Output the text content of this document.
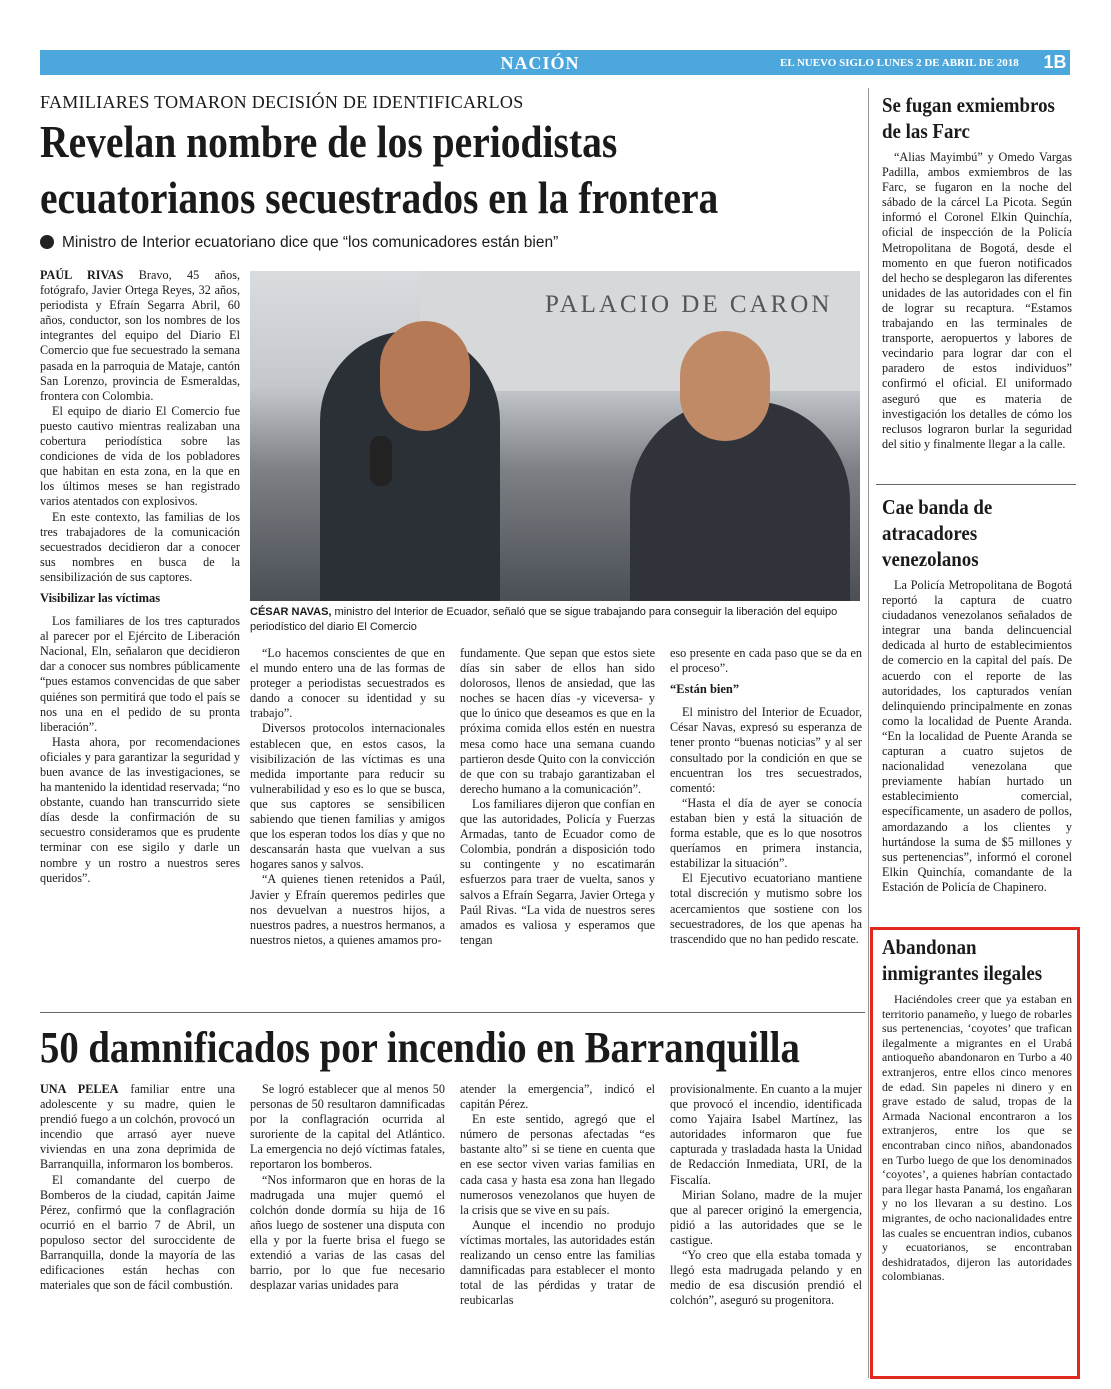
NACIÓN	EL NUEVO SIGLO LUNES 2 DE ABRIL DE 2018	1B
FAMILIARES TOMARON DECISIÓN DE IDENTIFICARLOS
Revelan nombre de los periodistas
ecuatorianos secuestrados en la frontera
Ministro de Interior ecuatoriano dice que “los comunicadores están bien”

PAÚL RIVAS Bravo, 45 años, fotógrafo, Javier Ortega Reyes, 32 años, periodista y Efraín Segarra Abril, 60 años, conductor, son los nombres de los integrantes del equipo del Diario El Comercio que fue secuestrado la semana pasada en la parroquia de Mataje, cantón San Lorenzo, provincia de Esmeraldas, frontera con Colombia.

El equipo de diario El Comercio fue puesto cautivo mientras realizaban una cobertura periodística sobre las condiciones de vida de los pobladores que habitan en esta zona, en la que en los últimos meses se han registrado varios atentados con explosivos.

En este contexto, las familias de los tres trabajadores de la comunicación secuestrados decidieron dar a conocer sus nombres en busca de la sensibilización de sus captores.

Visibilizar las víctimas

Los familiares de los tres capturados al parecer por el Ejército de Liberación Nacional, Eln, señalaron que decidieron dar a conocer sus nombres públicamente “pues estamos convencidas de que saber quiénes son permitirá que todo el país se nos una en el pedido de su pronta liberación”.

Hasta ahora, por recomendaciones oficiales y para garantizar la seguridad y buen avance de las investigaciones, se ha mantenido la identidad reservada; “no obstante, cuando han transcurrido siete días desde la confirmación de su secuestro consideramos que es prudente terminar con ese sigilo y darle un nombre y un rostro a nuestros seres queridos”.

PALACIO DE CARON
CÉSAR NAVAS, ministro del Interior de Ecuador, señaló que se sigue trabajando para conseguir la liberación del equipo periodístico del diario El Comercio

“Lo hacemos conscientes de que en el mundo entero una de las formas de proteger a periodistas secuestrados es dando a conocer su identidad y su trabajo”.

Diversos protocolos internacionales establecen que, en estos casos, la visibilización de las víctimas es una medida importante para reducir su vulnerabilidad y eso es lo que se busca, que sus captores se sensibilicen sabiendo que tienen familias y amigos que los esperan todos los días y que no descansarán hasta que vuelvan a sus hogares sanos y salvos.

“A quienes tienen retenidos a Paúl, Javier y Efraín queremos pedirles que nos devuelvan a nuestros hijos, a nuestros padres, a nuestros hermanos, a nuestros nietos, a quienes amamos pro-

fundamente. Que sepan que estos siete días sin saber de ellos han sido dolorosos, llenos de ansiedad, que las noches se hacen días -y viceversa- y que lo único que deseamos es que en la próxima comida ellos estén en nuestra mesa como hace una semana cuando partieron desde Quito con la convicción de que con su trabajo garantizaban el derecho humano a la comunicación”.

Los familiares dijeron que confían en que las autoridades, Policía y Fuerzas Armadas, tanto de Ecuador como de Colombia, pondrán a disposición todo su contingente y no escatimarán esfuerzos para traer de vuelta, sanos y salvos a Efraín Segarra, Javier Ortega y Paúl Rivas. “La vida de nuestros seres amados es valiosa y esperamos que tengan

eso presente en cada paso que se da en el proceso”.

“Están bien”

El ministro del Interior de Ecuador, César Navas, expresó su esperanza de tener pronto “buenas noticias” y al ser consultado por la condición en que se encuentran los tres secuestrados, comentó:

“Hasta el día de ayer se conocía estaban bien y está la situación de forma estable, que es lo que nosotros queríamos en primera instancia, estabilizar la situación”.

El Ejecutivo ecuatoriano mantiene total discreción y mutismo sobre los acercamientos que sostiene con los secuestradores, de los que apenas ha trascendido que no han pedido rescate.

50 damnificados por incendio en Barranquilla

UNA PELEA familiar entre una adolescente y su madre, quien le prendió fuego a un colchón, provocó un incendio que arrasó ayer nueve viviendas en una zona deprimida de Barranquilla, informaron los bomberos.

El comandante del cuerpo de Bomberos de la ciudad, capitán Jaime Pérez, confirmó que la conflagración ocurrió en el barrio 7 de Abril, un populoso sector del suroccidente de Barranquilla, donde la mayoría de las edificaciones están hechas con materiales que son de fácil combustión.

Se logró establecer que al menos 50 personas de 50 resultaron damnificadas por la conflagración ocurrida al suroriente de la capital del Atlántico. La emergencia no dejó víctimas fatales, reportaron los bomberos.

“Nos informaron que en horas de la madrugada una mujer quemó el colchón donde dormía su hija de 16 años luego de sostener una disputa con ella y por la fuerte brisa el fuego se extendió a varias de las casas del barrio, por lo que fue necesario desplazar varias unidades para

atender la emergencia”, indicó el capitán Pérez.

En este sentido, agregó que el número de personas afectadas “es bastante alto” si se tiene en cuenta que en ese sector viven varias familias en cada casa y hasta esa zona han llegado numerosos venezolanos que huyen de la crisis que se vive en su país.

Aunque el incendio no produjo víctimas mortales, las autoridades están realizando un censo entre las familias damnificadas para establecer el monto total de las pérdidas y tratar de reubicarlas

provisionalmente. En cuanto a la mujer que provocó el incendio, identificada como Yajaira Isabel Martínez, las autoridades informaron que fue capturada y trasladada hasta la Unidad de Redacción Inmediata, URI, de la Fiscalía.

Mirian Solano, madre de la mujer que al parecer originó la emergencia, pidió a las autoridades que se le castigue.

“Yo creo que ella estaba tomada y llegó esta madrugada pelando y en medio de esa discusión prendió el colchón”, aseguró su progenitora.

Se fugan exmiembros de las Farc

“Alias Mayimbú” y Omedo Vargas Padilla, ambos exmiembros de las Farc, se fugaron en la noche del sábado de la cárcel La Picota. Según informó el Coronel Elkin Quinchía, oficial de inspección de la Policía Metropolitana de Bogotá, desde el momento en que fueron notificados del hecho se desplegaron las diferentes unidades de las autoridades con el fin de lograr su recaptura. “Estamos trabajando en las terminales de transporte, aeropuertos y labores de vecindario para lograr dar con el paradero de estos individuos” confirmó el oficial. El uniformado aseguró que es materia de investigación los detalles de cómo los reclusos lograron burlar la seguridad del sitio y finalmente llegar a la calle.

Cae banda de atracadores venezolanos

La Policía Metropolitana de Bogotá reportó la captura de cuatro ciudadanos venezolanos señalados de integrar una banda delincuencial dedicada al hurto de establecimientos de comercio en la capital del país. De acuerdo con el reporte de las autoridades, los capturados venían delinquiendo principalmente en zonas como la localidad de Puente Aranda. “En la localidad de Puente Aranda se capturan a cuatro sujetos de nacionalidad venezolana que previamente habían hurtado un establecimiento comercial, específicamente, un asadero de pollos, amordazando a los clientes y hurtándose la suma de $5 millones y sus pertenencias”, informó el coronel Elkin Quinchía, comandante de la Estación de Policía de Chapinero.

Abandonan inmigrantes ilegales

Haciéndoles creer que ya estaban en territorio panameño, y luego de robarles sus pertenencias, ‘coyotes’ que trafican ilegalmente a migrantes en el Urabá antioqueño abandonaron en Turbo a 40 extranjeros, entre ellos cinco menores de edad. Sin papeles ni dinero y en grave estado de salud, tropas de la Armada Nacional encontraron a los extranjeros, entre los que se encontraban cinco niños, abandonados en Turbo luego de que los denominados ‘coyotes’, a quienes habrían contactado para llegar hasta Panamá, los engañaran y no los llevaran a su destino. Los migrantes, de ocho nacionalidades entre las cuales se encuentran indios, cubanos y ecuatorianos, se encontraban deshidratados, dijeron las autoridades colombianas.
